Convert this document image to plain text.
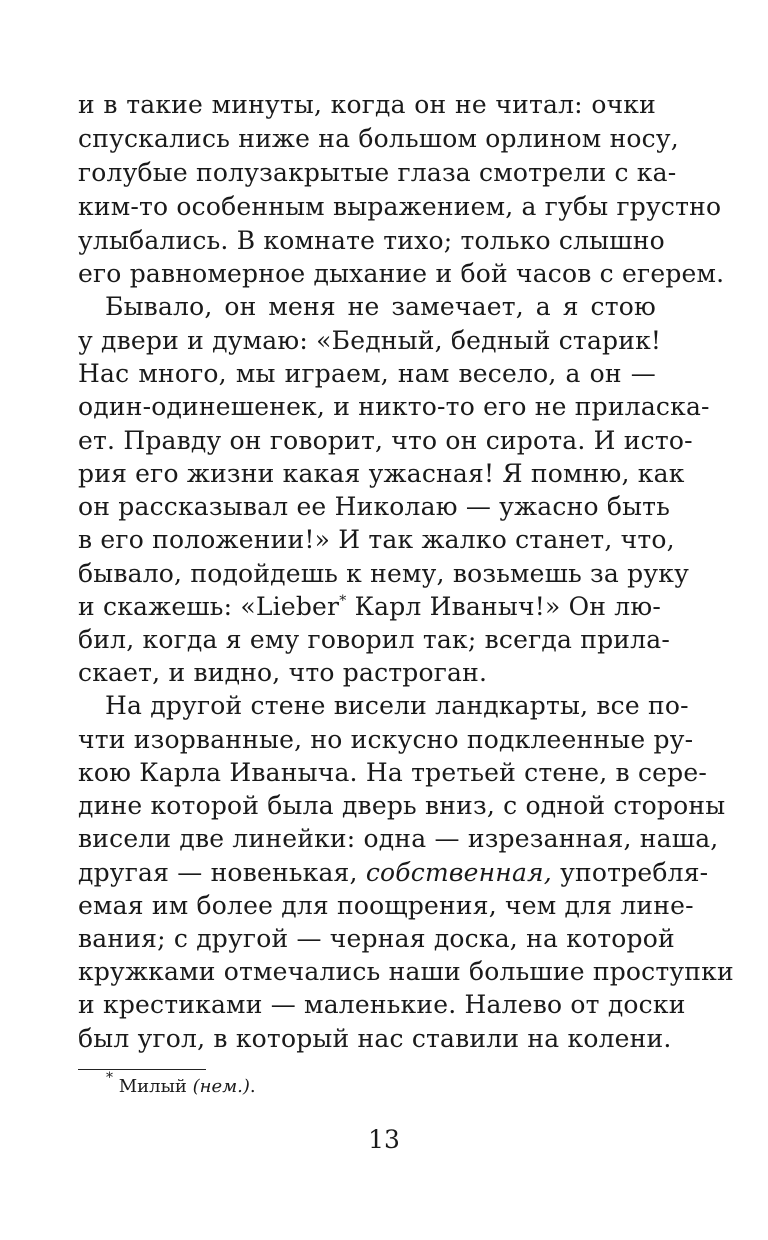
и в такие минуты, когда он не читал: очки
спускались ниже на большом орлином носу,
голубые полузакрытые глаза смотрели с ка-
ким-то особенным выражением, а губы грустно
улыбались. В комнате тихо; только слышно
его равномерное дыхание и бой часов с егерем.
Бывало, он меня не замечает, а я стою
у двери и думаю: «Бедный, бедный старик!
Нас много, мы играем, нам весело, а он —
один-одинешенек, и никто-то его не приласка-
ет. Правду он говорит, что он сирота. И исто-
рия его жизни какая ужасная! Я помню, как
он рассказывал ее Николаю — ужасно быть
в его положении!» И так жалко станет, что,
бывало, подойдешь к нему, возьмешь за руку
и скажешь: «Lieber* Карл Иваныч!» Он лю-
бил, когда я ему говорил так; всегда прила-
скает, и видно, что растроган.
На другой стене висели ландкарты, все по-
чти изорванные, но искусно подклеенные ру-
кою Карла Иваныча. На третьей стене, в сере-
дине которой была дверь вниз, с одной стороны
висели две линейки: одна — изрезанная, наша,
другая — новенькая, собственная, употребля-
емая им более для поощрения, чем для лине-
вания; с другой — черная доска, на которой
кружками отмечались наши большие проступки
и крестиками — маленькие. Налево от доски
был угол, в который нас ставили на колени.
* Милый (нем.).
13
